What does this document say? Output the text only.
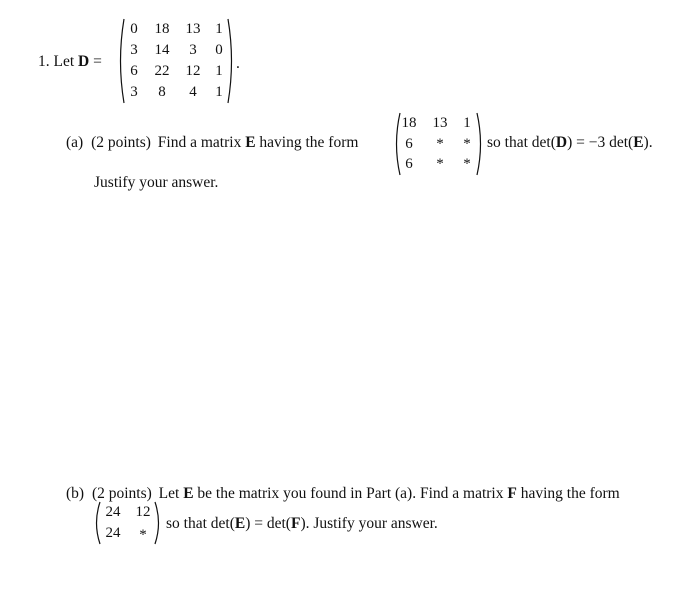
1. Let D =
0	18	13 1
3	14	3	0
6	22	12 1
3	8	4	1
.
(a) (2 points) Find a matrix E having the form
18	13	1
6	*	*
6	*	*
so that det(D) = −3 det(E).
Justify your answer.
(b) (2 points) Let E be the matrix you found in Part (a). Find a matrix F having the form
24	12
24	*
so that det(E) = det(F). Justify your answer.
